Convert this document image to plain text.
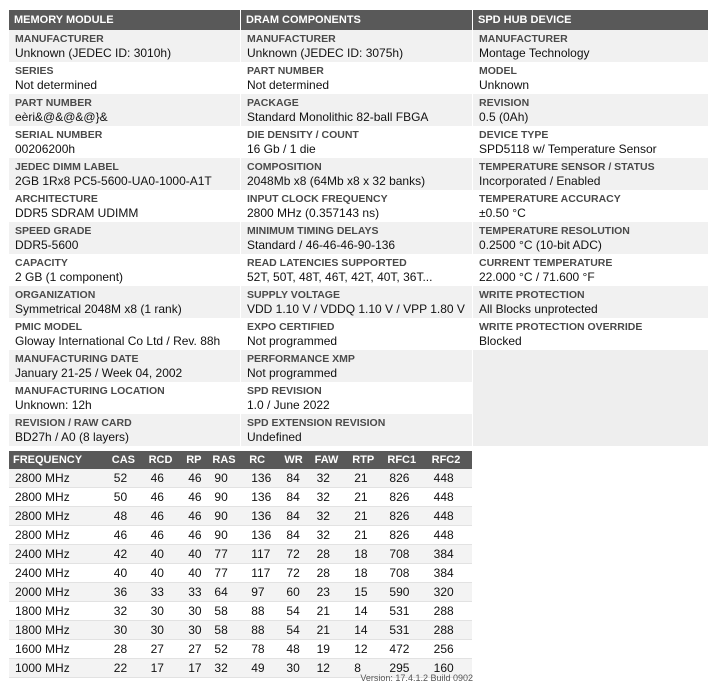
MEMORY MODULE
MANUFACTURER
Unknown (JEDEC ID: 3010h)
SERIES
Not determined
PART NUMBER
eèri&@&@&@}&
SERIAL NUMBER
00206200h
JEDEC DIMM LABEL
2GB 1Rx8 PC5-5600-UA0-1000-A1T
ARCHITECTURE
DDR5 SDRAM UDIMM
SPEED GRADE
DDR5-5600
CAPACITY
2 GB (1 component)
ORGANIZATION
Symmetrical 2048M x8 (1 rank)
PMIC MODEL
Gloway International Co Ltd / Rev. 88h
MANUFACTURING DATE
January 21-25 / Week 04, 2002
MANUFACTURING LOCATION
Unknown: 12h
REVISION / RAW CARD
BD27h / A0 (8 layers)
DRAM COMPONENTS
MANUFACTURER
Unknown (JEDEC ID: 3075h)
PART NUMBER
Not determined
PACKAGE
Standard Monolithic 82-ball FBGA
DIE DENSITY / COUNT
16 Gb / 1 die
COMPOSITION
2048Mb x8 (64Mb x8 x 32 banks)
INPUT CLOCK FREQUENCY
2800 MHz (0.357143 ns)
MINIMUM TIMING DELAYS
Standard / 46-46-46-90-136
READ LATENCIES SUPPORTED
52T, 50T, 48T, 46T, 42T, 40T, 36T...
SUPPLY VOLTAGE
VDD 1.10 V / VDDQ 1.10 V / VPP 1.80 V
EXPO CERTIFIED
Not programmed
PERFORMANCE XMP
Not programmed
SPD REVISION
1.0 / June 2022
SPD EXTENSION REVISION
Undefined
SPD HUB DEVICE
MANUFACTURER
Montage Technology
MODEL
Unknown
REVISION
0.5 (0Ah)
DEVICE TYPE
SPD5118 w/ Temperature Sensor
TEMPERATURE SENSOR / STATUS
Incorporated / Enabled
TEMPERATURE ACCURACY
±0.50 °C
TEMPERATURE RESOLUTION
0.2500 °C (10-bit ADC)
CURRENT TEMPERATURE
22.000 °C / 71.600 °F
WRITE PROTECTION
All Blocks unprotected
WRITE PROTECTION OVERRIDE
Blocked
FREQUENCY	CAS	RCD	RP	RAS	RC	WR	FAW	RTP	RFC1	RFC2
2800 MHz	52	46	46	90	136	84	32	21	826	448
2800 MHz	50	46	46	90	136	84	32	21	826	448
2800 MHz	48	46	46	90	136	84	32	21	826	448
2800 MHz	46	46	46	90	136	84	32	21	826	448
2400 MHz	42	40	40	77	117	72	28	18	708	384
2400 MHz	40	40	40	77	117	72	28	18	708	384
2000 MHz	36	33	33	64	97	60	23	15	590	320
1800 MHz	32	30	30	58	88	54	21	14	531	288
1800 MHz	30	30	30	58	88	54	21	14	531	288
1600 MHz	28	27	27	52	78	48	19	12	472	256
1000 MHz	22	17	17	32	49	30	12	8	295	160
Version: 17.4.1.2 Build 0902
